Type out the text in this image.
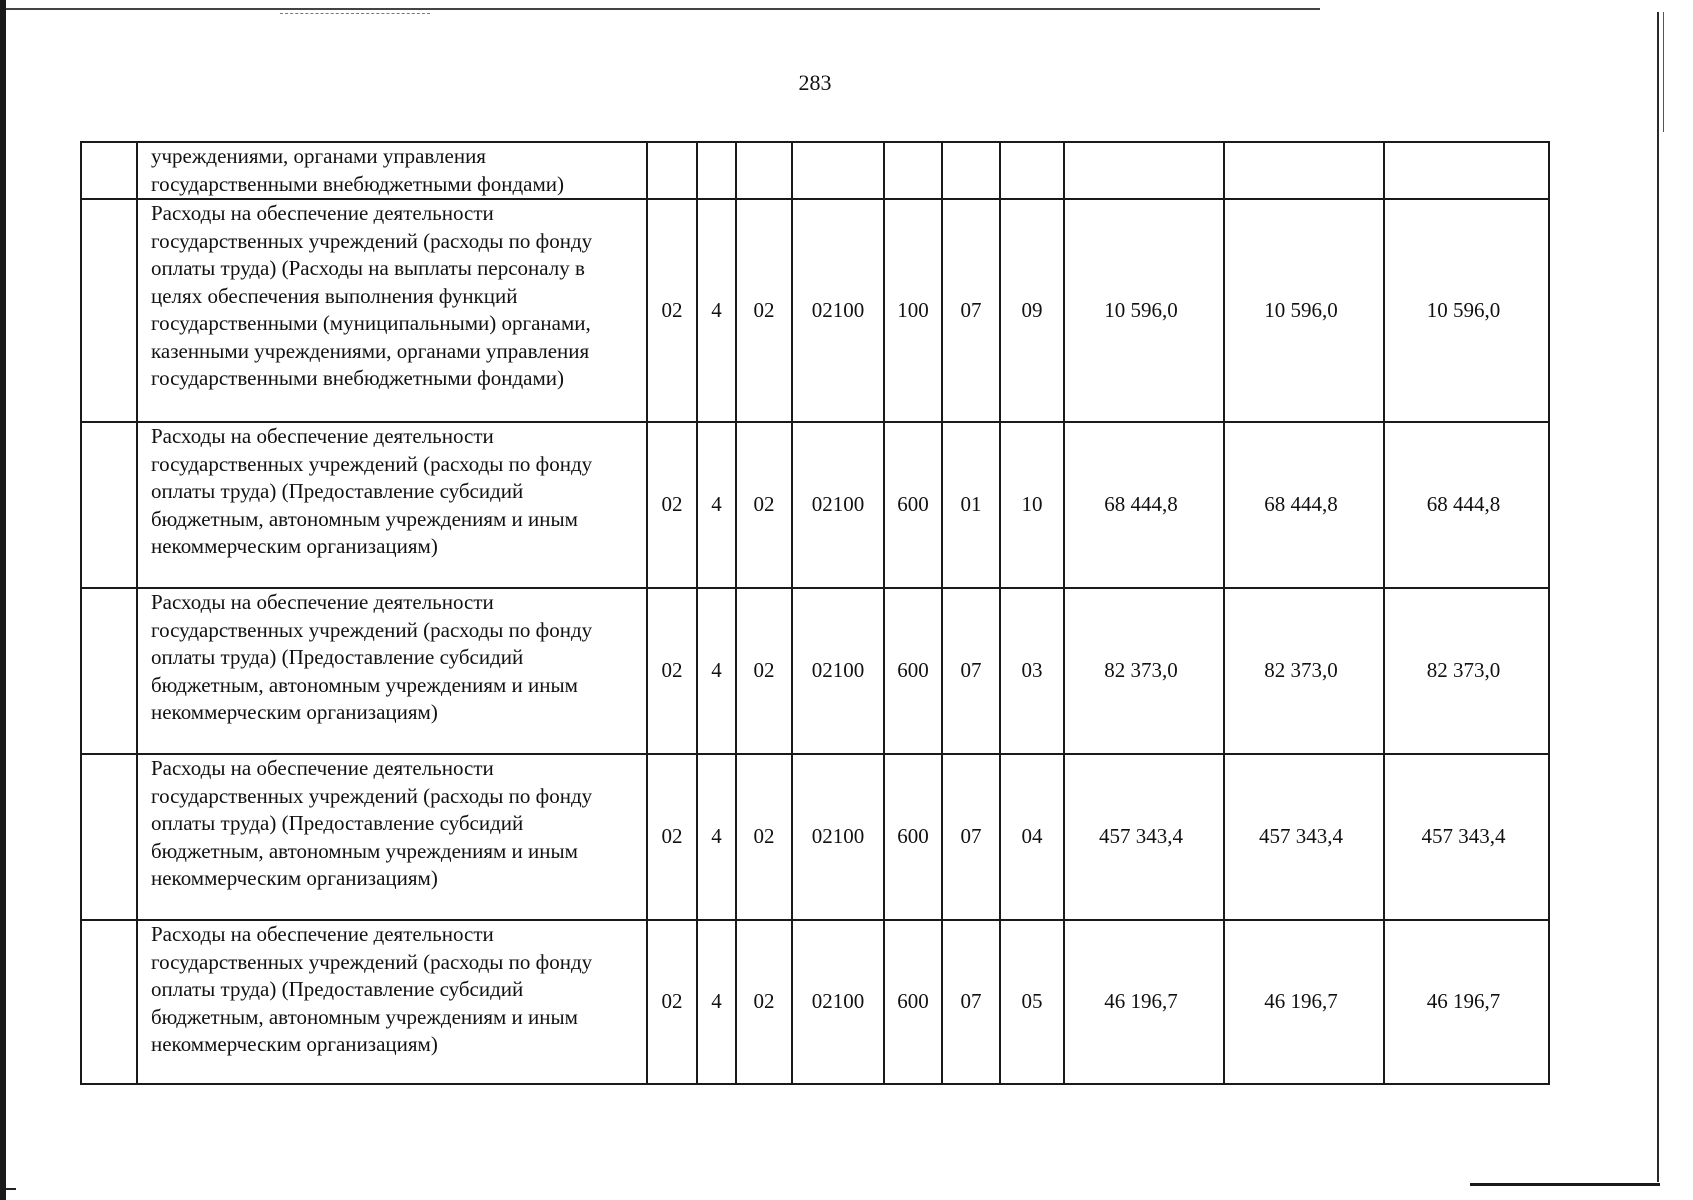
283
	учреждениями, органами управления государственными внебюджетными фондами)										
	Расходы на обеспечение деятельности государственных учреждений (расходы по фонду оплаты труда) (Расходы на выплаты персоналу в целях обеспечения выполнения функций государственными (муниципальными) органами, казенными учреждениями, органами управления государственными внебюджетными фондами)	02	4	02	02100	100	07	09	10 596,0	10 596,0	10 596,0
	Расходы на обеспечение деятельности государственных учреждений (расходы по фонду оплаты труда) (Предоставление субсидий бюджетным, автономным учреждениям и иным некоммерческим организациям)	02	4	02	02100	600	01	10	68 444,8	68 444,8	68 444,8
	Расходы на обеспечение деятельности государственных учреждений (расходы по фонду оплаты труда) (Предоставление субсидий бюджетным, автономным учреждениям и иным некоммерческим организациям)	02	4	02	02100	600	07	03	82 373,0	82 373,0	82 373,0
	Расходы на обеспечение деятельности государственных учреждений (расходы по фонду оплаты труда) (Предоставление субсидий бюджетным, автономным учреждениям и иным некоммерческим организациям)	02	4	02	02100	600	07	04	457 343,4	457 343,4	457 343,4
	Расходы на обеспечение деятельности государственных учреждений (расходы по фонду оплаты труда) (Предоставление субсидий бюджетным, автономным учреждениям и иным некоммерческим организациям)	02	4	02	02100	600	07	05	46 196,7	46 196,7	46 196,7
